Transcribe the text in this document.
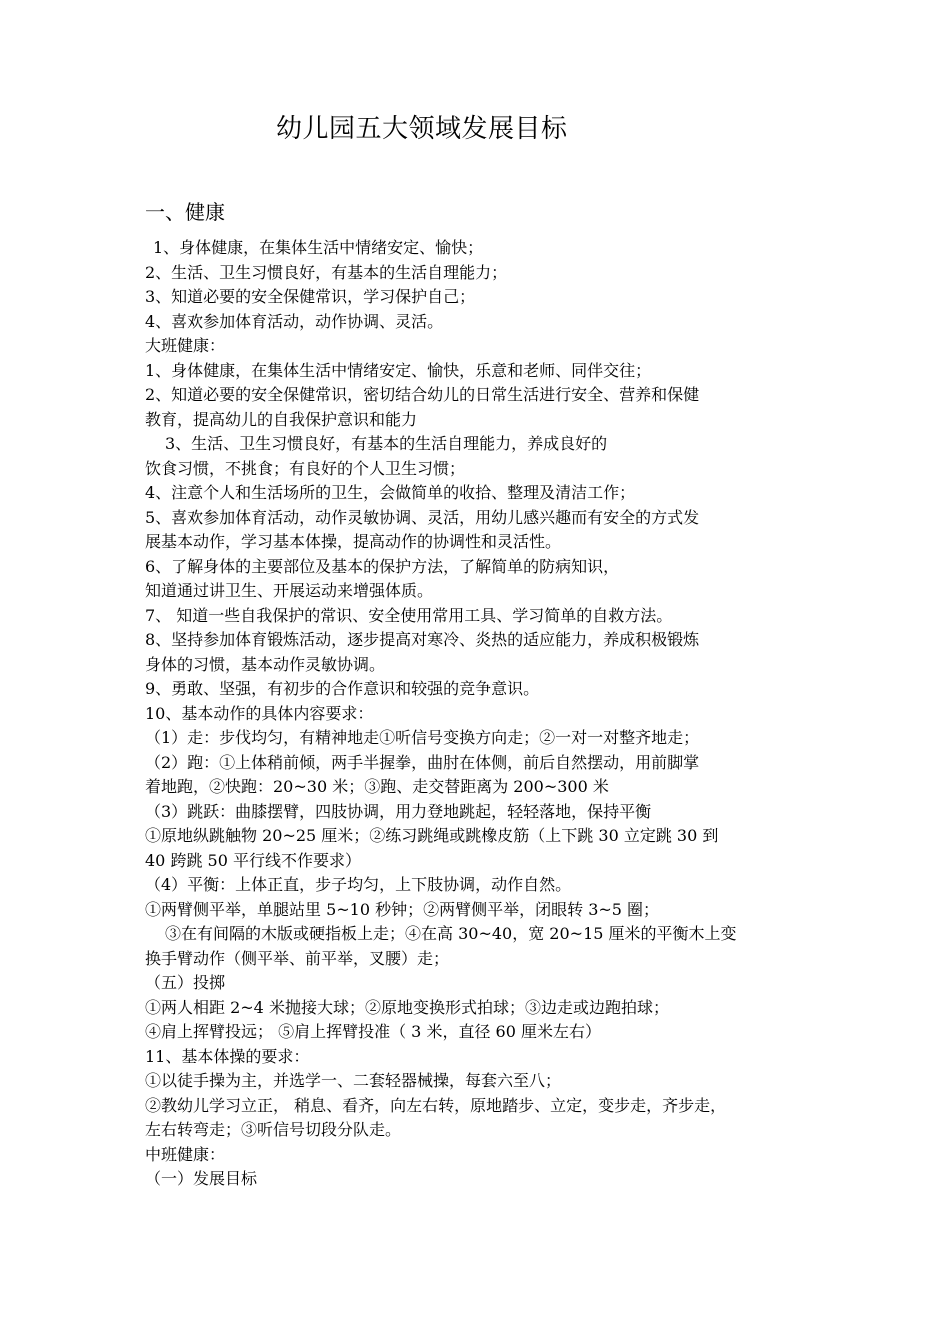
幼儿园五大领域发展目标
一、健康
1、身体健康，在集体生活中情绪安定、愉快；
2、生活、卫生习惯良好，有基本的生活自理能力；
3、知道必要的安全保健常识，学习保护自己；
4、喜欢参加体育活动，动作协调、灵活。
大班健康：
1、身体健康，在集体生活中情绪安定、愉快，乐意和老师、同伴交往；
2、知道必要的安全保健常识，密切结合幼儿的日常生活进行安全、营养和保健
教育，提高幼儿的自我保护意识和能力
3、生活、卫生习惯良好，有基本的生活自理能力，养成良好的
饮食习惯，不挑食；有良好的个人卫生习惯；
4、注意个人和生活场所的卫生，会做简单的收拾、整理及清洁工作；
5、喜欢参加体育活动，动作灵敏协调、灵活，用幼儿感兴趣而有安全的方式发
展基本动作，学习基本体操，提高动作的协调性和灵活性。
6、了解身体的主要部位及基本的保护方法，了解简单的防病知识，
知道通过讲卫生、开展运动来增强体质。
7、 知道一些自我保护的常识、安全使用常用工具、学习简单的自救方法。
8、坚持参加体育锻炼活动，逐步提高对寒冷、炎热的适应能力，养成积极锻炼
身体的习惯，基本动作灵敏协调。
9、勇敢、坚强，有初步的合作意识和较强的竞争意识。
10、基本动作的具体内容要求：
（1）走：步伐均匀，有精神地走①听信号变换方向走；②一对一对整齐地走；
（2）跑：①上体稍前倾，两手半握拳，曲肘在体侧，前后自然摆动，用前脚掌
着地跑，②快跑：20~30 米；③跑、走交替距离为 200~300 米
（3）跳跃：曲膝摆臂，四肢协调，用力登地跳起，轻轻落地，保持平衡
①原地纵跳触物 20~25 厘米；②练习跳绳或跳橡皮筋（上下跳 30 立定跳 30 到
40 跨跳 50 平行线不作要求）
（4）平衡：上体正直，步子均匀，上下肢协调，动作自然。
①两臂侧平举，单腿站里 5~10 秒钟；②两臂侧平举，闭眼转 3~5 圈；
③在有间隔的木版或硬指板上走；④在高 30~40，宽 20~15 厘米的平衡木上变
换手臂动作（侧平举、前平举，叉腰）走；
（五）投掷
①两人相距 2~4 米抛接大球；②原地变换形式拍球；③边走或边跑拍球；
④肩上挥臂投远； ⑤肩上挥臂投准（ 3 米，直径 60 厘米左右）
11、基本体操的要求：
①以徒手操为主，并选学一、二套轻器械操，每套六至八；
②教幼儿学习立正， 稍息、看齐，向左右转，原地踏步、立定，变步走，齐步走，
左右转弯走；③听信号切段分队走。
中班健康：
（一）发展目标
